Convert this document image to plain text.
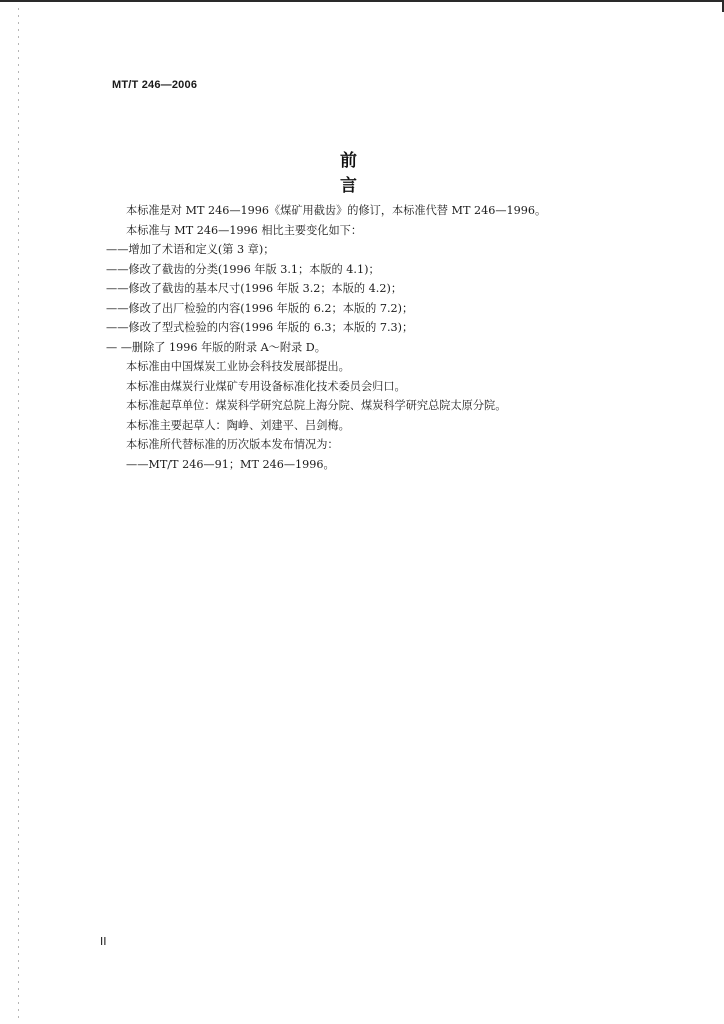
MT/T 246—2006
前　言

本标准是对 MT 246—1996《煤矿用截齿》的修订，本标准代替 MT 246—1996。

本标准与 MT 246—1996 相比主要变化如下：

——增加了术语和定义(第 3 章)；

——修改了截齿的分类(1996 年版 3.1；本版的 4.1)；

——修改了截齿的基本尺寸(1996 年版 3.2；本版的 4.2)；

——修改了出厂检验的内容(1996 年版的 6.2；本版的 7.2)；

——修改了型式检验的内容(1996 年版的 6.3；本版的 7.3)；

— —删除了 1996 年版的附录 A～附录 D。

本标准由中国煤炭工业协会科技发展部提出。

本标准由煤炭行业煤矿专用设备标准化技术委员会归口。

本标准起草单位：煤炭科学研究总院上海分院、煤炭科学研究总院太原分院。

本标准主要起草人：陶峥、刘建平、吕剑梅。

本标准所代替标准的历次版本发布情况为：

——MT/T 246—91；MT 246—1996。

II
